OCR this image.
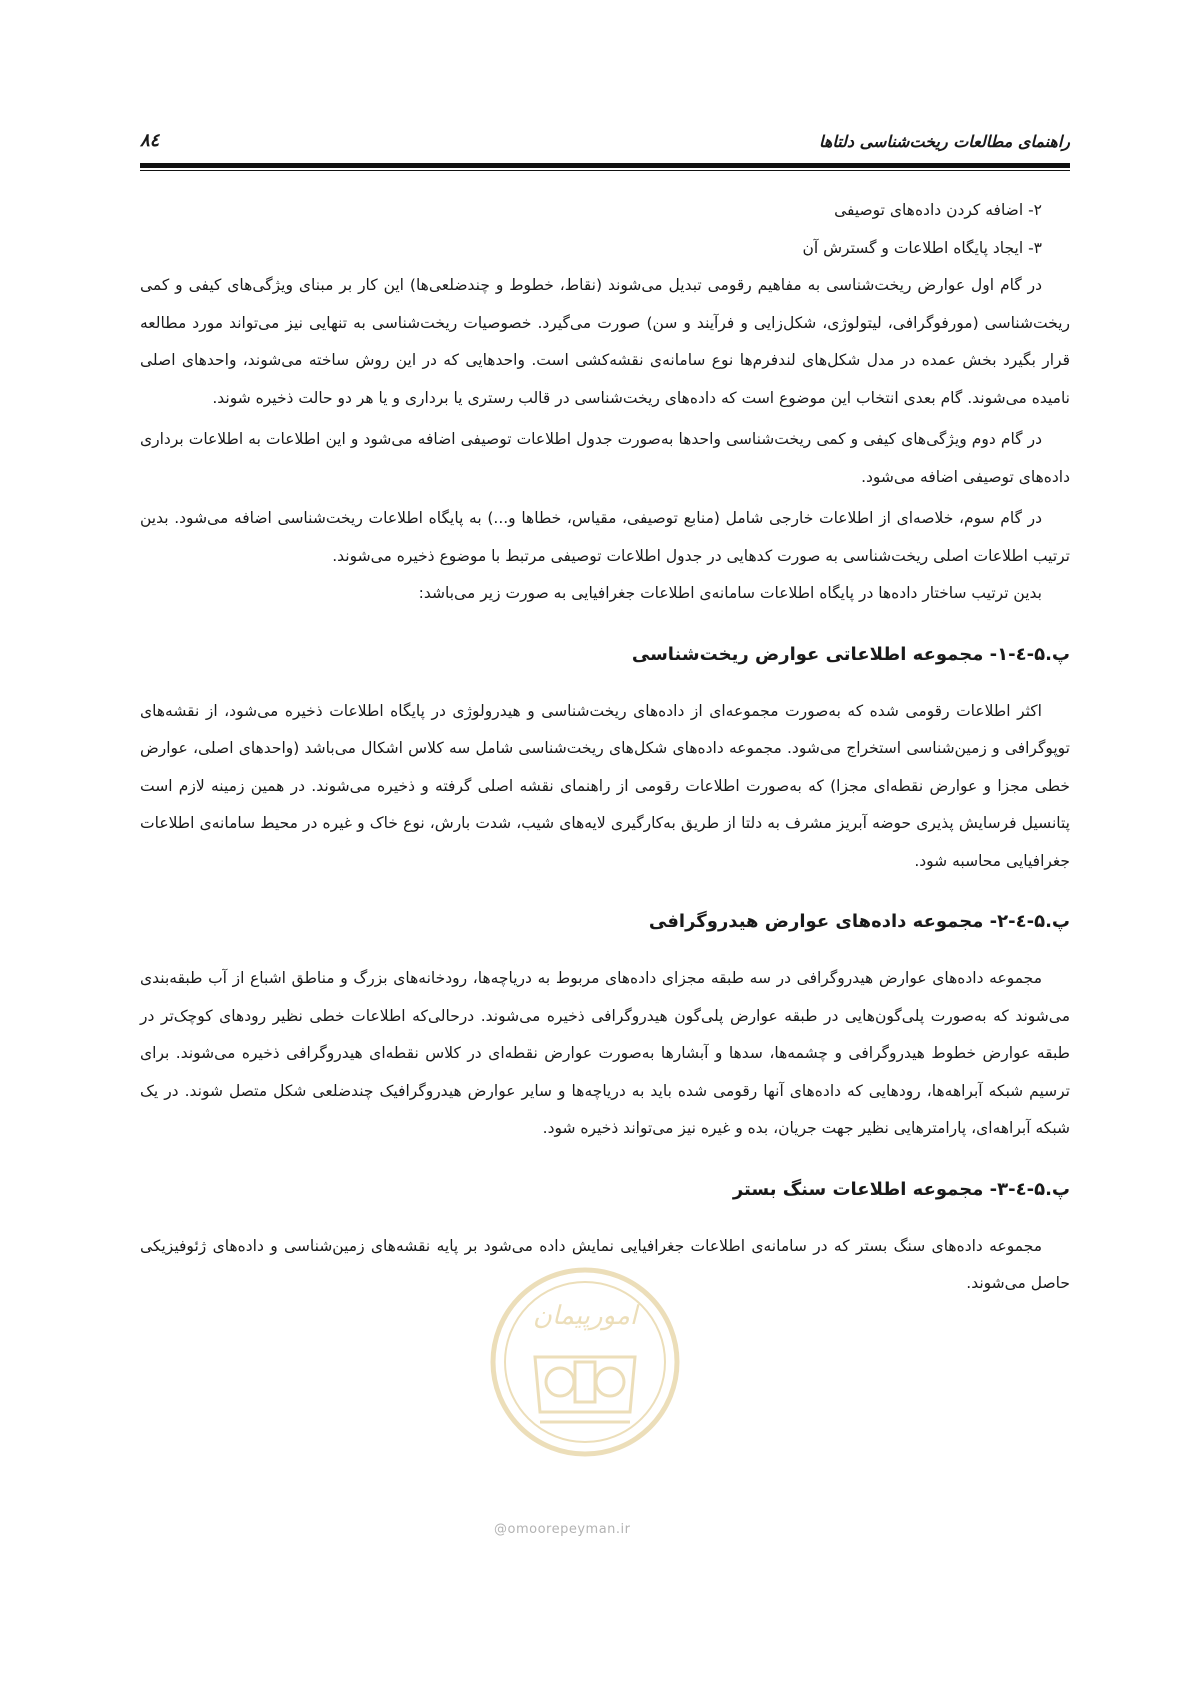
راهنمای مطالعات ریخت‌شناسی دلتاها
۸٤

۲- اضافه کردن داده‌های توصیفی

۳- ایجاد پایگاه اطلاعات و گسترش آن

در گام اول عوارض ریخت‌شناسی به مفاهیم رقومی تبدیل می‌شوند (نقاط، خطوط و چندضلعی‌ها) این کار بر مبنای ویژگی‌های کیفی و کمی ریخت‌شناسی (مورفوگرافی، لیتولوژی، شکل‌زایی و فرآیند و سن) صورت می‌گیرد. خصوصیات ریخت‌شناسی به تنهایی نیز می‌تواند مورد مطالعه قرار بگیرد بخش عمده در مدل شکل‌های لندفرم‌ها نوع سامانه‌ی نقشه‌کشی است. واحدهایی که در این روش ساخته می‌شوند، واحدهای اصلی نامیده می‌شوند. گام بعدی انتخاب این موضوع است که داده‌های ریخت‌شناسی در قالب رستری یا برداری و یا هر دو حالت ذخیره شوند.

در گام دوم ویژگی‌های کیفی و کمی ریخت‌شناسی واحدها به‌صورت جدول اطلاعات توصیفی اضافه می‌شود و این اطلاعات به اطلاعات برداری داده‌های توصیفی اضافه می‌شود.

در گام سوم، خلاصه‌ای از اطلاعات خارجی شامل (منابع توصیفی، مقیاس، خطاها و...) به پایگاه اطلاعات ریخت‌شناسی اضافه می‌شود. بدین ترتیب اطلاعات اصلی ریخت‌شناسی به صورت کدهایی در جدول اطلاعات توصیفی مرتبط با موضوع ذخیره می‌شوند.

بدین ترتیب ساختار داده‌ها در پایگاه اطلاعات سامانه‌ی اطلاعات جغرافیایی به صورت زیر می‌باشد:

پ.۵-٤-۱- مجموعه اطلاعاتی عوارض ریخت‌شناسی

اکثر اطلاعات رقومی شده که به‌صورت مجموعه‌ای از داده‌های ریخت‌شناسی و هیدرولوژی در پایگاه اطلاعات ذخیره می‌شود، از نقشه‌های توپوگرافی و زمین‌شناسی استخراج می‌شود. مجموعه داده‌های شکل‌های ریخت‌شناسی شامل سه کلاس اشکال می‌باشد (واحدهای اصلی، عوارض خطی مجزا و عوارض نقطه‌ای مجزا) که به‌صورت اطلاعات رقومی از راهنمای نقشه اصلی گرفته و ذخیره می‌شوند. در همین زمینه لازم است پتانسیل فرسایش پذیری حوضه آبریز مشرف به دلتا از طریق به‌کارگیری لایه‌های شیب، شدت بارش، نوع خاک و غیره در محیط سامانه‌ی اطلاعات جغرافیایی محاسبه شود.

پ.۵-٤-۲- مجموعه داده‌های عوارض هیدروگرافی

مجموعه داده‌های عوارض هیدروگرافی در سه طبقه مجزای داده‌های مربوط به دریاچه‌ها، رودخانه‌های بزرگ و مناطق اشباع از آب طبقه‌بندی می‌شوند که به‌صورت پلی‌گون‌هایی در طبقه عوارض پلی‌گون هیدروگرافی ذخیره می‌شوند. درحالی‌که اطلاعات خطی نظیر رودهای کوچک‌تر در طبقه عوارض خطوط هیدروگرافی و چشمه‌ها، سدها و آبشارها به‌صورت عوارض نقطه‌ای در کلاس نقطه‌ای هیدروگرافی ذخیره می‌شوند. برای ترسیم شبکه آبراهه‌ها، رودهایی که داده‌های آنها رقومی شده باید به دریاچه‌ها و سایر عوارض هیدروگرافیک چندضلعی شکل متصل شوند. در یک شبکه آبراهه‌ای، پارامترهایی نظیر جهت جریان، بده و غیره نیز می‌تواند ذخیره شود.

پ.۵-٤-۳- مجموعه اطلاعات سنگ بستر

مجموعه داده‌های سنگ بستر که در سامانه‌ی اطلاعات جغرافیایی نمایش داده می‌شود بر پایه نقشه‌های زمین‌شناسی و داده‌های ژئوفیزیکی حاصل می‌شوند.

امورپیمان
@omoorepeyman.ir
